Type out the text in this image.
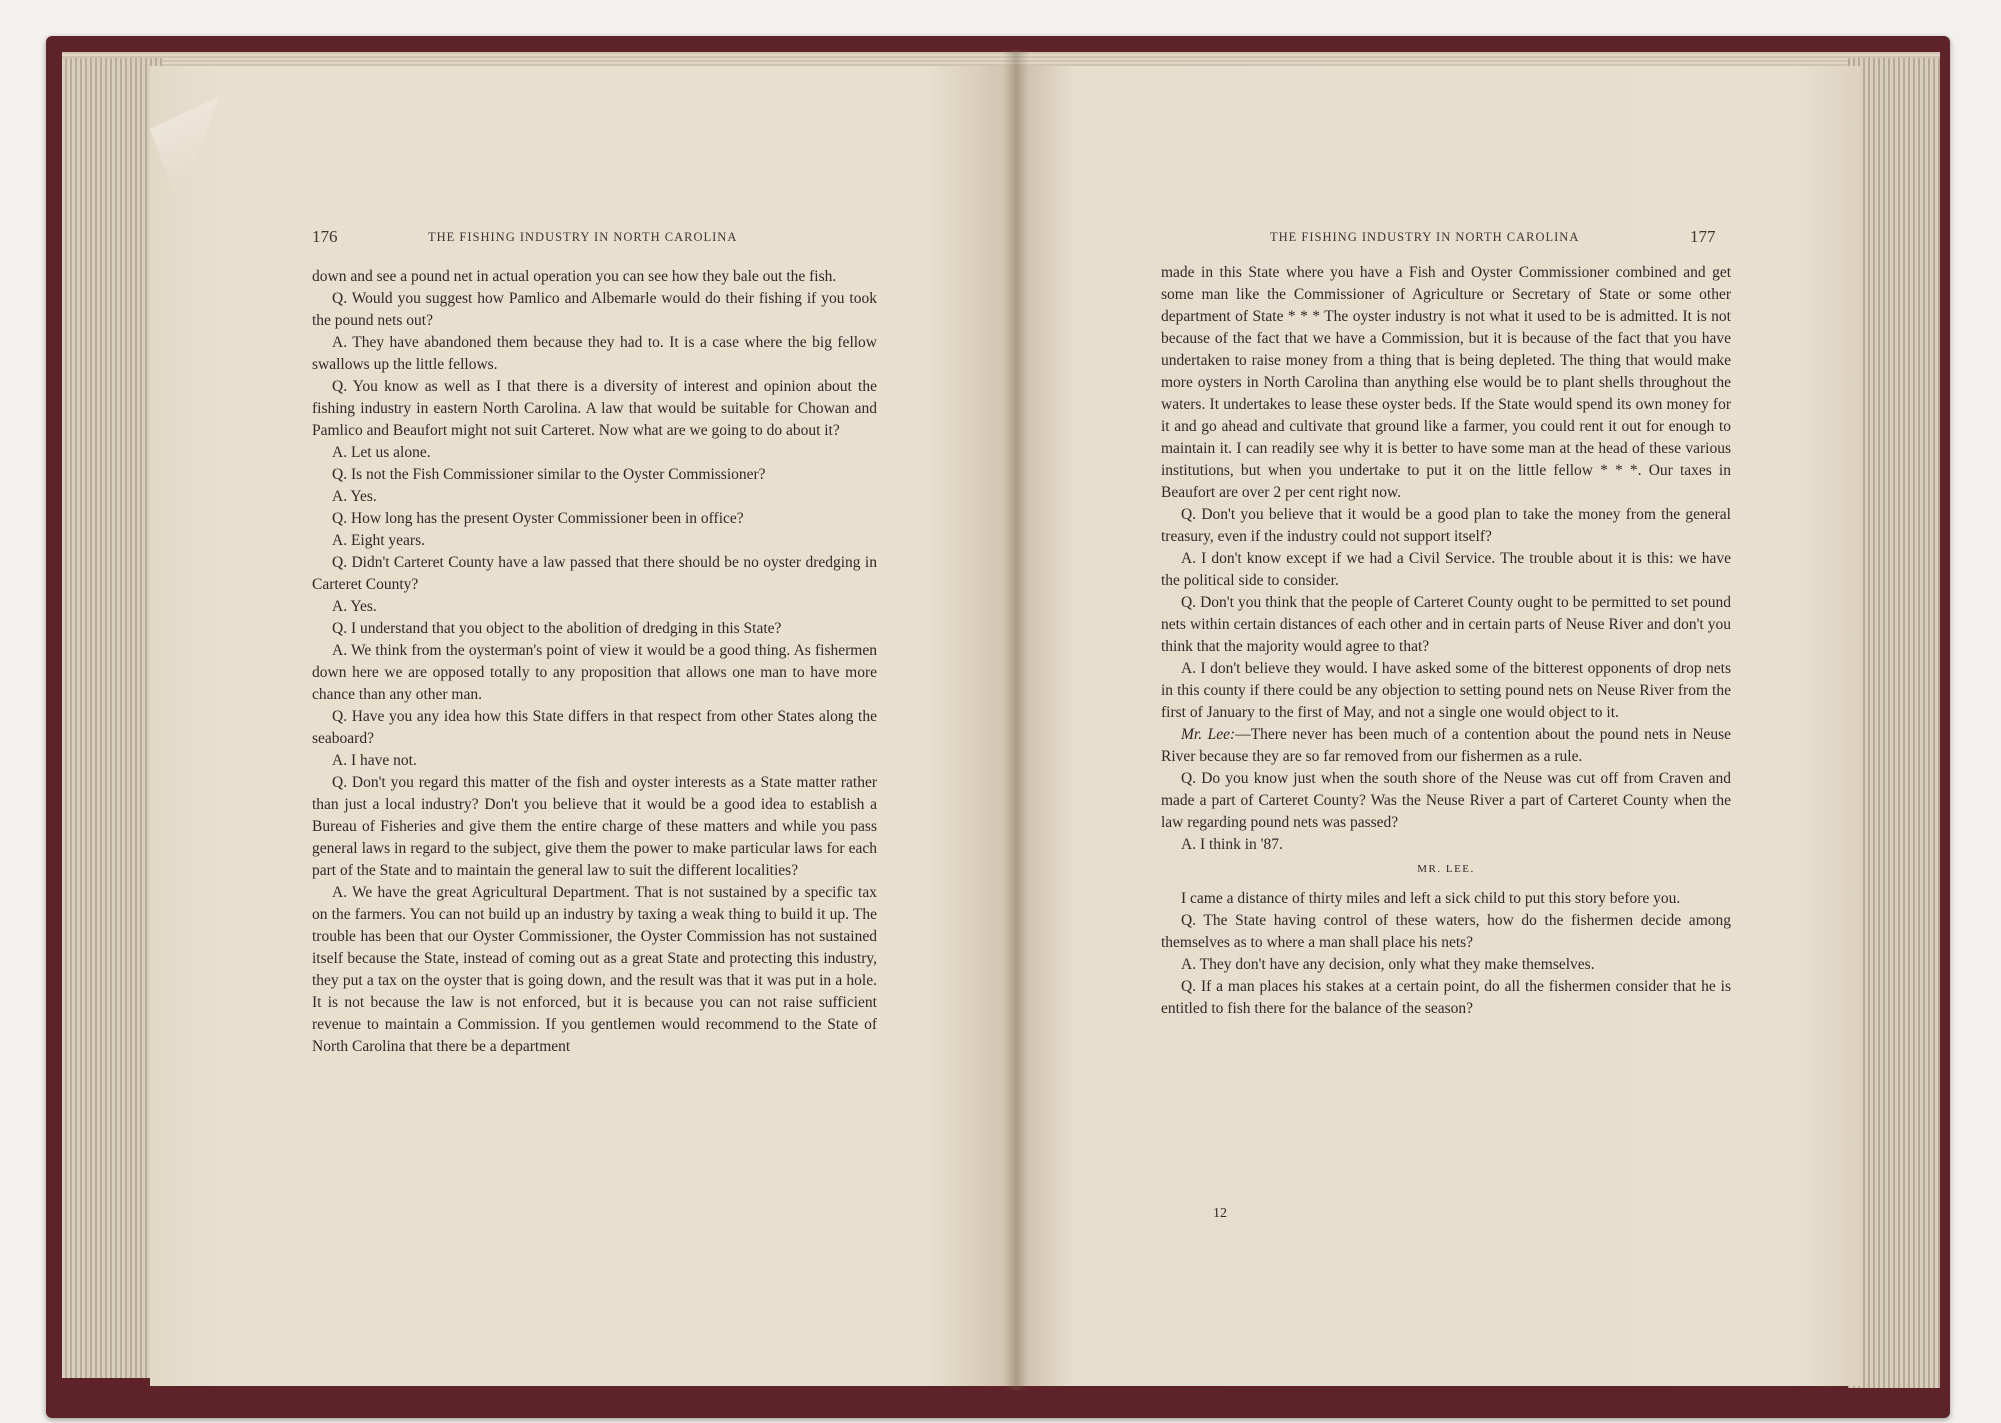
176	THE FISHING INDUSTRY IN NORTH CAROLINA

down and see a pound net in actual operation you can see how they bale out the fish.

Q. Would you suggest how Pamlico and Albemarle would do their fishing if you took the pound nets out?

A. They have abandoned them because they had to. It is a case where the big fellow swallows up the little fellows.

Q. You know as well as I that there is a diversity of interest and opinion about the fishing industry in eastern North Carolina. A law that would be suitable for Chowan and Pamlico and Beaufort might not suit Carteret. Now what are we going to do about it?

A. Let us alone.

Q. Is not the Fish Commissioner similar to the Oyster Commissioner?

A. Yes.

Q. How long has the present Oyster Commissioner been in office?

A. Eight years.

Q. Didn't Carteret County have a law passed that there should be no oyster dredging in Carteret County?

A. Yes.

Q. I understand that you object to the abolition of dredging in this State?

A. We think from the oysterman's point of view it would be a good thing. As fishermen down here we are opposed totally to any proposition that allows one man to have more chance than any other man.

Q. Have you any idea how this State differs in that respect from other States along the seaboard?

A. I have not.

Q. Don't you regard this matter of the fish and oyster interests as a State matter rather than just a local industry? Don't you believe that it would be a good idea to establish a Bureau of Fisheries and give them the entire charge of these matters and while you pass general laws in regard to the subject, give them the power to make particular laws for each part of the State and to maintain the general law to suit the different localities?

A. We have the great Agricultural Department. That is not sustained by a specific tax on the farmers. You can not build up an industry by taxing a weak thing to build it up. The trouble has been that our Oyster Commissioner, the Oyster Commission has not sustained itself because the State, instead of coming out as a great State and protecting this industry, they put a tax on the oyster that is going down, and the result was that it was put in a hole. It is not because the law is not enforced, but it is because you can not raise sufficient revenue to maintain a Commission. If you gentlemen would recommend to the State of North Carolina that there be a department

THE FISHING INDUSTRY IN NORTH CAROLINA	177

made in this State where you have a Fish and Oyster Commissioner combined and get some man like the Commissioner of Agriculture or Secretary of State or some other department of State * * * The oyster industry is not what it used to be is admitted. It is not because of the fact that we have a Commission, but it is because of the fact that you have undertaken to raise money from a thing that is being depleted. The thing that would make more oysters in North Carolina than anything else would be to plant shells throughout the waters. It undertakes to lease these oyster beds. If the State would spend its own money for it and go ahead and cultivate that ground like a farmer, you could rent it out for enough to maintain it. I can readily see why it is better to have some man at the head of these various institutions, but when you undertake to put it on the little fellow * * *. Our taxes in Beaufort are over 2 per cent right now.

Q. Don't you believe that it would be a good plan to take the money from the general treasury, even if the industry could not support itself?

A. I don't know except if we had a Civil Service. The trouble about it is this: we have the political side to consider.

Q. Don't you think that the people of Carteret County ought to be permitted to set pound nets within certain distances of each other and in certain parts of Neuse River and don't you think that the majority would agree to that?

A. I don't believe they would. I have asked some of the bitterest opponents of drop nets in this county if there could be any objection to setting pound nets on Neuse River from the first of January to the first of May, and not a single one would object to it.

Mr. Lee:—There never has been much of a contention about the pound nets in Neuse River because they are so far removed from our fishermen as a rule.

Q. Do you know just when the south shore of the Neuse was cut off from Craven and made a part of Carteret County? Was the Neuse River a part of Carteret County when the law regarding pound nets was passed?

A. I think in '87.

MR. LEE.

I came a distance of thirty miles and left a sick child to put this story before you.

Q. The State having control of these waters, how do the fishermen decide among themselves as to where a man shall place his nets?

A. They don't have any decision, only what they make themselves.

Q. If a man places his stakes at a certain point, do all the fishermen consider that he is entitled to fish there for the balance of the season?

12
